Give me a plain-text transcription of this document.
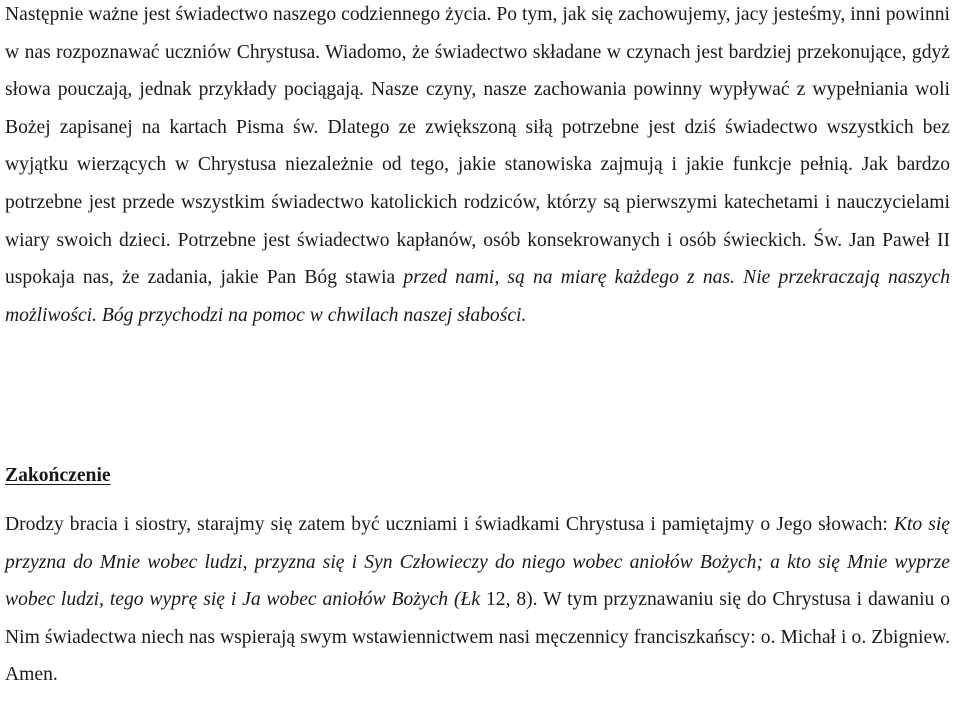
Następnie ważne jest świadectwo naszego codziennego życia. Po tym, jak się zachowujemy, jacy jesteśmy, inni powinni w nas rozpoznawać uczniów Chrystusa. Wiadomo, że świadectwo składane w czynach jest bardziej przekonujące, gdyż słowa pouczają, jednak przykłady pociągają. Nasze czyny, nasze zachowania powinny wypływać z wypełniania woli Bożej zapisanej na kartach Pisma św. Dlatego ze zwiększoną siłą potrzebne jest dziś świadectwo wszystkich bez wyjątku wierzących w Chrystusa niezależnie od tego, jakie stanowiska zajmują i jakie funkcje pełnią. Jak bardzo potrzebne jest przede wszystkim świadectwo katolickich rodziców, którzy są pierwszymi katechetami i nauczycielami wiary swoich dzieci. Potrzebne jest świadectwo kapłanów, osób konsekrowanych i osób świeckich. Św. Jan Paweł II uspokaja nas, że zadania, jakie Pan Bóg stawia przed nami, są na miarę każdego z nas. Nie przekraczają naszych możliwości. Bóg przychodzi na pomoc w chwilach naszej słabości.

Zakończenie

Drodzy bracia i siostry, starajmy się zatem być uczniami i świadkami Chrystusa i pamiętajmy o Jego słowach: Kto się przyzna do Mnie wobec ludzi, przyzna się i Syn Człowieczy do niego wobec aniołów Bożych; a kto się Mnie wyprze wobec ludzi, tego wyprę się i Ja wobec aniołów Bożych (Łk 12, 8). W tym przyznawaniu się do Chrystusa i dawaniu o Nim świadectwa niech nas wspierają swym wstawiennictwem nasi męczennicy franciszkańscy: o. Michał i o. Zbigniew. Amen.
